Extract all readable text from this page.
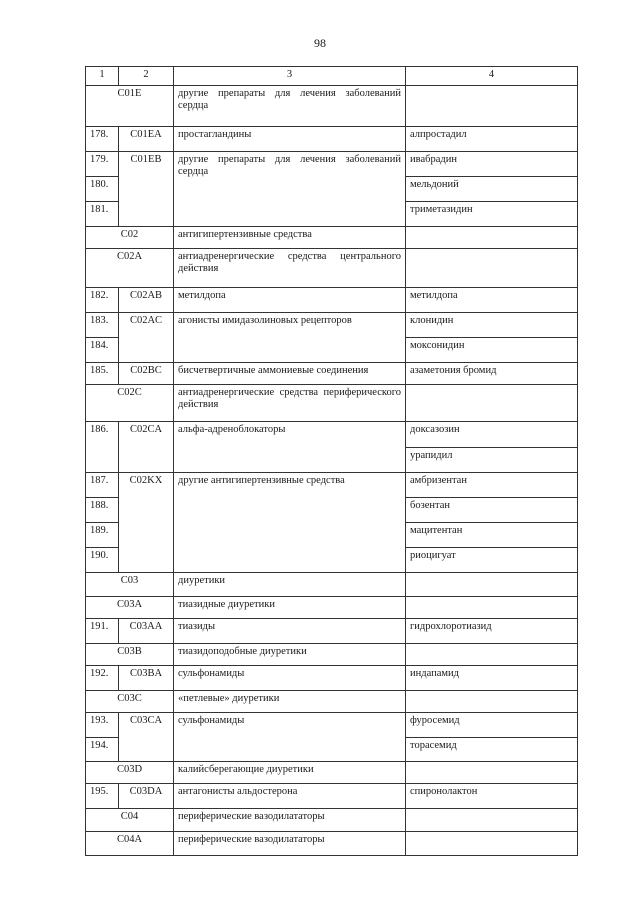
98
1	2	3	4
C01E		другие препараты для лечения заболеваний сердца	
178.	C01EA	простагландины	алпростадил
179.	C01EB	другие препараты для лечения заболеваний сердца	ивабрадин
180.			мельдоний
181.			триметазидин
C02		антигипертензивные средства	
C02A		антиадренергические средства центрального действия	
182.	C02AB	метилдопа	метилдопа
183.	C02AC	агонисты имидазолиновых рецепторов	клонидин
184.			моксонидин
185.	C02BC	бисчетвертичные аммониевые соединения	азаметония бромид
C02C		антиадренергические средства периферического действия	
186.	C02CA	альфа-адреноблокаторы	доксазозин
			урапидил
187.	C02KX	другие антигипертензивные средства	амбризентан
188.			бозентан
189.			мацитентан
190.			риоцигуат
C03		диуретики	
C03A		тиазидные диуретики	
191.	C03AA	тиазиды	гидрохлоротиазид
C03B		тиазидоподобные диуретики	
192.	C03BA	сульфонамиды	индапамид
C03C		«петлевые» диуретики	
193.	C03CA	сульфонамиды	фуросемид
194.			торасемид
C03D		калийсберегающие диуретики	
195.	C03DA	антагонисты альдостерона	спиронолактон
C04		периферические вазодилататоры	
C04A		периферические вазодилататоры	
